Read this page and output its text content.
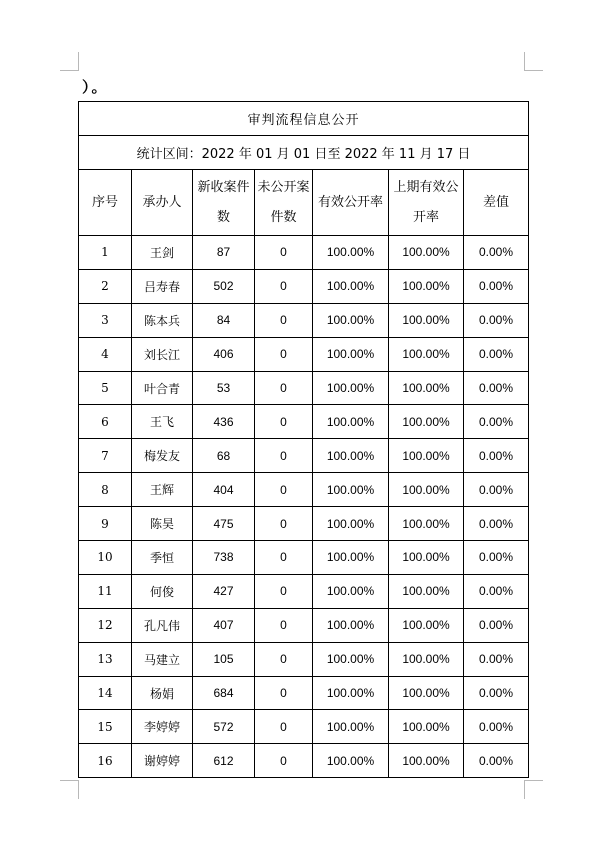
）。
审判流程信息公开						
统计区间：2022 年 01 月 01 日至 2022 年 11 月 17 日						
序号	承办人	新收案件数	未公开案件数	有效公开率	上期有效公开率	差值
1	王剑	87	0	100.00%	100.00%	0.00%
2	吕寿春	502	0	100.00%	100.00%	0.00%
3	陈本兵	84	0	100.00%	100.00%	0.00%
4	刘长江	406	0	100.00%	100.00%	0.00%
5	叶合青	53	0	100.00%	100.00%	0.00%
6	王飞	436	0	100.00%	100.00%	0.00%
7	梅发友	68	0	100.00%	100.00%	0.00%
8	王辉	404	0	100.00%	100.00%	0.00%
9	陈昊	475	0	100.00%	100.00%	0.00%
10	季恒	738	0	100.00%	100.00%	0.00%
11	何俊	427	0	100.00%	100.00%	0.00%
12	孔凡伟	407	0	100.00%	100.00%	0.00%
13	马建立	105	0	100.00%	100.00%	0.00%
14	杨娟	684	0	100.00%	100.00%	0.00%
15	李婷婷	572	0	100.00%	100.00%	0.00%
16	谢婷婷	612	0	100.00%	100.00%	0.00%
